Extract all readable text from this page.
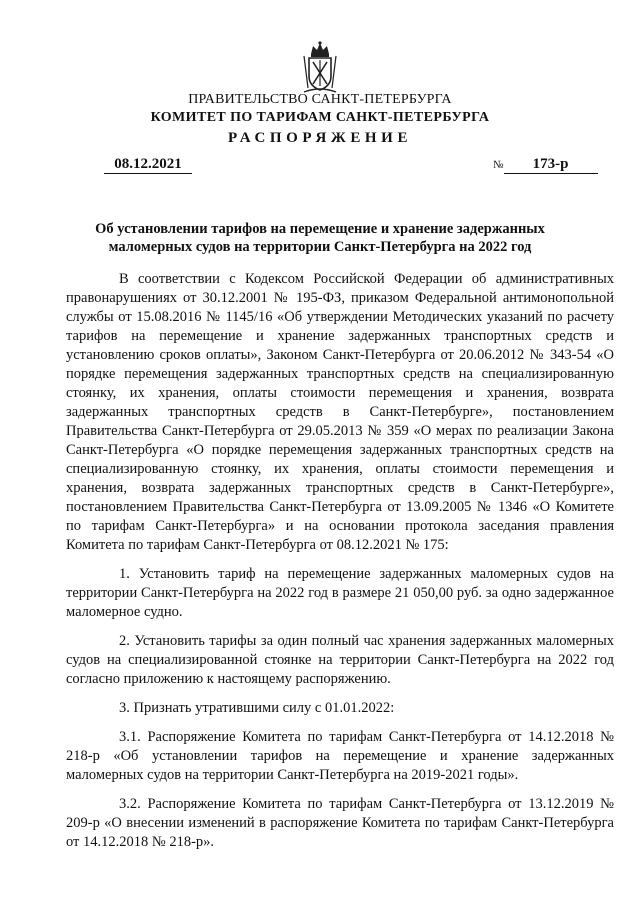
ПРАВИТЕЛЬСТВО САНКТ-ПЕТЕРБУРГА
КОМИТЕТ ПО ТАРИФАМ САНКТ-ПЕТЕРБУРГА
РАСПОРЯЖЕНИЕ
08.12.2021	№ 173-р
Об установлении тарифов на перемещение и хранение задержанных маломерных судов на территории Санкт-Петербурга на 2022 год

В соответствии с Кодексом Российской Федерации об административных правонарушениях от 30.12.2001 № 195-ФЗ, приказом Федеральной антимонопольной службы от 15.08.2016 № 1145/16 «Об утверждении Методических указаний по расчету тарифов на перемещение и хранение задержанных транспортных средств и установлению сроков оплаты», Законом Санкт-Петербурга от 20.06.2012 № 343-54 «О порядке перемещения задержанных транспортных средств на специализированную стоянку, их хранения, оплаты стоимости перемещения и хранения, возврата задержанных транспортных средств в Санкт-Петербурге», постановлением Правительства Санкт-Петербурга от 29.05.2013 № 359 «О мерах по реализации Закона Санкт-Петербурга «О порядке перемещения задержанных транспортных средств на специализированную стоянку, их хранения, оплаты стоимости перемещения и хранения, возврата задержанных транспортных средств в Санкт-Петербурге», постановлением Правительства Санкт-Петербурга от 13.09.2005 № 1346 «О Комитете по тарифам Санкт-Петербурга» и на основании протокола заседания правления Комитета по тарифам Санкт-Петербурга от 08.12.2021 № 175:

1. Установить тариф на перемещение задержанных маломерных судов на территории Санкт-Петербурга на 2022 год в размере 21 050,00 руб. за одно задержанное маломерное судно.

2. Установить тарифы за один полный час хранения задержанных маломерных судов на специализированной стоянке на территории Санкт-Петербурга на 2022 год согласно приложению к настоящему распоряжению.

3. Признать утратившими силу с 01.01.2022:

3.1. Распоряжение Комитета по тарифам Санкт-Петербурга от 14.12.2018 № 218-р «Об установлении тарифов на перемещение и хранение задержанных маломерных судов на территории Санкт-Петербурга на 2019-2021 годы».

3.2. Распоряжение Комитета по тарифам Санкт-Петербурга от 13.12.2019 № 209-р «О внесении изменений в распоряжение Комитета по тарифам Санкт-Петербурга от 14.12.2018 № 218-р».
